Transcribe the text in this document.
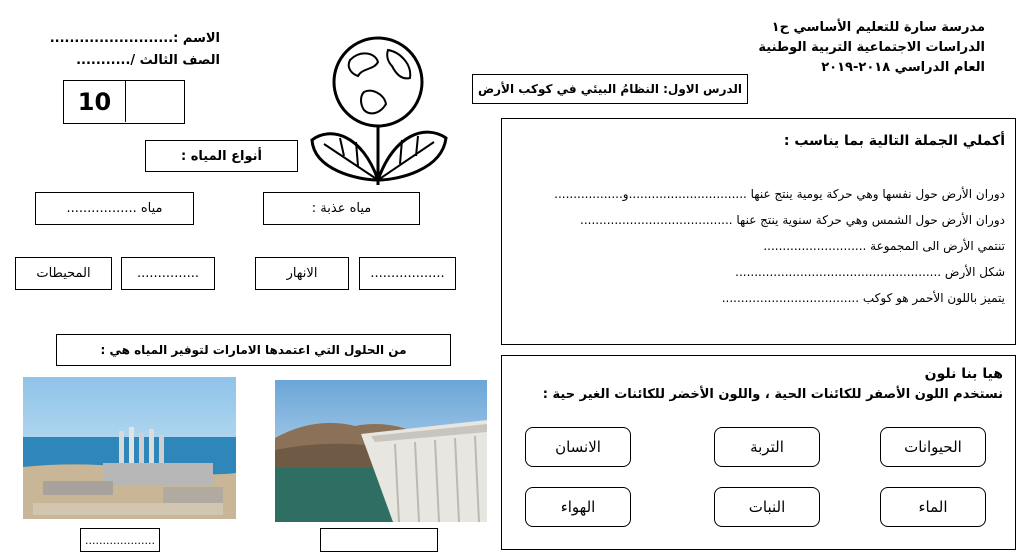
مدرسة سارة للتعليم الأساسي ح١
الدراسات الاجتماعية التربية الوطنية
العام الدراسي ٢٠١٨-٢٠١٩
الاسم :.........................
الصف الثالث /...........
10	الدرس الاول: النظامُ البيئي في كوكب الأرض
أنواع المياه :
مياه عذبة :
مياه .................
..................
الانهار
...............
المحيطات
من الحلول التي اعتمدها الامارات لتوفير المياه هي :
....................
أكملي الجملة التالية بما يناسب :
دوران الأرض حول نفسها وهي حركة يومية ينتج عنها ...............................و..................
دوران الأرض حول الشمس وهي حركة سنوية ينتج عنها ........................................
تنتمي الأرض الى المجموعة ...........................
شكل الأرض ......................................................
يتميز باللون الأحمر هو كوكب ....................................
هيا بنا نلون
نستخدم اللون الأصفر للكائنات الحية ، واللون الأخضر للكائنات الغير حية :
الحيوانات
التربة
الانسان
الماء
النبات
الهواء
